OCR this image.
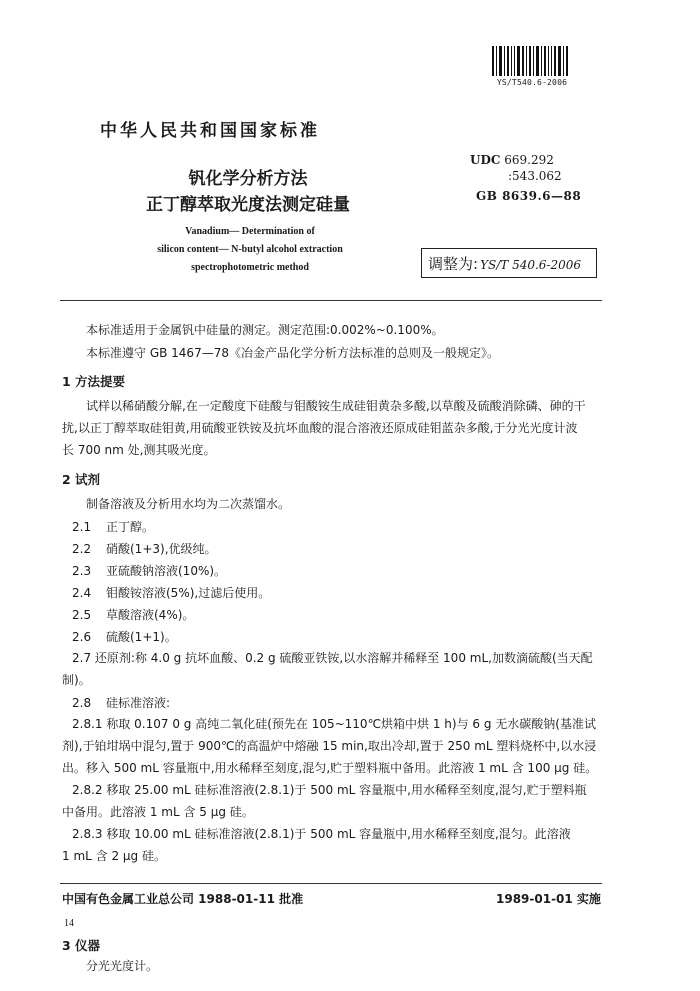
YS/T540.6-2006
中华人民共和国国家标准
钒化学分析方法
正丁醇萃取光度法测定硅量
UDC 669.292
:543.062
GB 8639.6—88
Vanadium— Determination of
silicon content— N-butyl alcohol extraction
spectrophotometric method	调整为: YS/T 540.6-2006
本标准适用于金属钒中硅量的测定。测定范围:0.002%~0.100%。
本标准遵守 GB 1467—78《冶金产品化学分析方法标准的总则及一般规定》。
1 方法提要
试样以稀硝酸分解,在一定酸度下硅酸与钼酸铵生成硅钼黄杂多酸,以草酸及硫酸消除磷、砷的干
扰,以正丁醇萃取硅钼黄,用硫酸亚铁铵及抗坏血酸的混合溶液还原成硅钼蓝杂多酸,于分光光度计波
长 700 nm 处,测其吸光度。
2 试剂
制备溶液及分析用水均为二次蒸馏水。
2.1 正丁醇。
2.2 硝酸(1+3),优级纯。
2.3 亚硫酸钠溶液(10%)。
2.4 钼酸铵溶液(5%),过滤后使用。
2.5 草酸溶液(4%)。
2.6 硫酸(1+1)。
2.7 还原剂:称 4.0 g 抗坏血酸、0.2 g 硫酸亚铁铵,以水溶解并稀释至 100 mL,加数滴硫酸(当天配
制)。
2.8 硅标准溶液:
2.8.1 称取 0.107 0 g 高纯二氧化硅(预先在 105~110℃烘箱中烘 1 h)与 6 g 无水碳酸钠(基准试
剂),于铂坩埚中混匀,置于 900℃的高温炉中熔融 15 min,取出冷却,置于 250 mL 塑料烧杯中,以水浸
出。移入 500 mL 容量瓶中,用水稀释至刻度,混匀,贮于塑料瓶中备用。此溶液 1 mL 含 100 μg 硅。
2.8.2 移取 25.00 mL 硅标准溶液(2.8.1)于 500 mL 容量瓶中,用水稀释至刻度,混匀,贮于塑料瓶
中备用。此溶液 1 mL 含 5 μg 硅。
2.8.3 移取 10.00 mL 硅标准溶液(2.8.1)于 500 mL 容量瓶中,用水稀释至刻度,混匀。此溶液
1 mL 含 2 μg 硅。
中国有色金属工业总公司 1988-01-11 批准	1989-01-01 实施
14
3 仪器
分光光度计。
